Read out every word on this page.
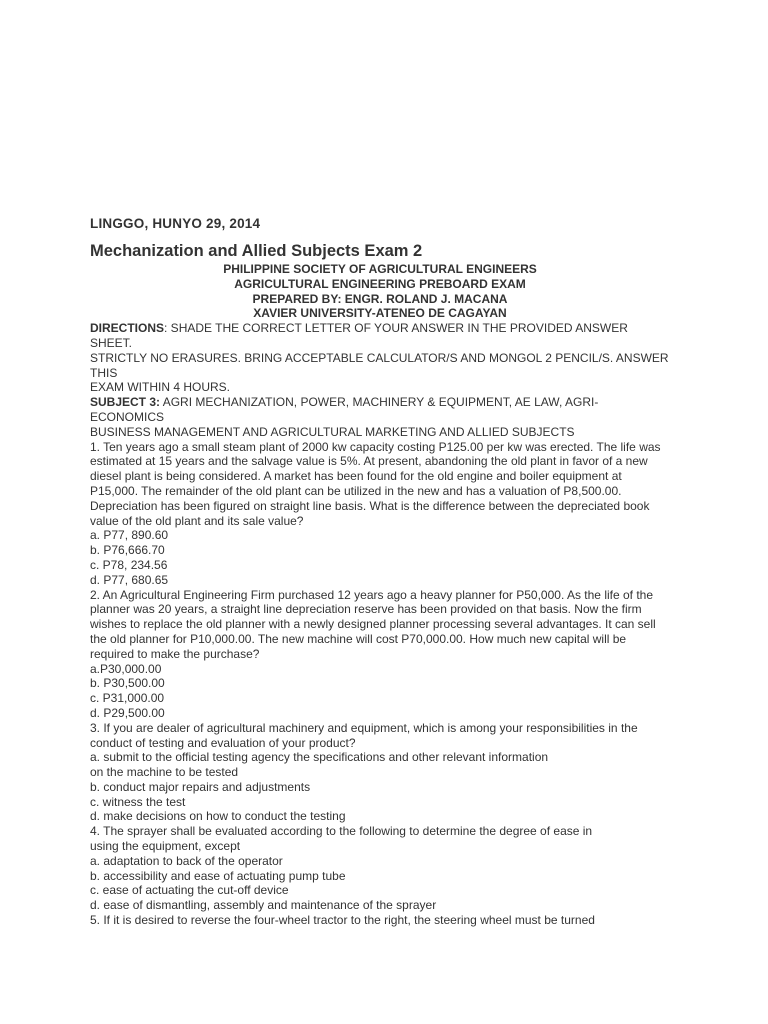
LINGGO, HUNYO 29, 2014
Mechanization and Allied Subjects Exam 2
PHILIPPINE SOCIETY OF AGRICULTURAL ENGINEERS
AGRICULTURAL ENGINEERING PREBOARD EXAM
PREPARED BY: ENGR. ROLAND J. MACANA
XAVIER UNIVERSITY-ATENEO DE CAGAYAN
DIRECTIONS: SHADE THE CORRECT LETTER OF YOUR ANSWER IN THE PROVIDED ANSWER SHEET.
STRICTLY NO ERASURES. BRING ACCEPTABLE CALCULATOR/S AND MONGOL 2 PENCIL/S. ANSWER THIS
EXAM WITHIN 4 HOURS.
SUBJECT 3: AGRI MECHANIZATION, POWER, MACHINERY & EQUIPMENT, AE LAW, AGRI-ECONOMICS
BUSINESS MANAGEMENT AND AGRICULTURAL MARKETING AND ALLIED SUBJECTS
1. Ten years ago a small steam plant of 2000 kw capacity costing P125.00 per kw was erected. The life was estimated at 15 years and the salvage value is 5%. At present, abandoning the old plant in favor of a new diesel plant is being considered. A market has been found for the old engine and boiler equipment at P15,000. The remainder of the old plant can be utilized in the new and has a valuation of P8,500.00. Depreciation has been figured on straight line basis. What is the difference between the depreciated book value of the old plant and its sale value?
a. P77, 890.60
b. P76,666.70
c. P78, 234.56
d. P77, 680.65
2. An Agricultural Engineering Firm purchased 12 years ago a heavy planner for P50,000. As the life of the planner was 20 years, a straight line depreciation reserve has been provided on that basis. Now the firm wishes to replace the old planner with a newly designed planner processing several advantages. It can sell the old planner for P10,000.00. The new machine will cost P70,000.00. How much new capital will be required to make the purchase?
a.P30,000.00
b. P30,500.00
c. P31,000.00
d. P29,500.00
3. If you are dealer of agricultural machinery and equipment, which is among your responsibilities in the conduct of testing and evaluation of your product?
a. submit to the official testing agency the specifications and other relevant information
on the machine to be tested
b. conduct major repairs and adjustments
c. witness the test
d. make decisions on how to conduct the testing
4. The sprayer shall be evaluated according to the following to determine the degree of ease in
using the equipment, except
a. adaptation to back of the operator
b. accessibility and ease of actuating pump tube
c. ease of actuating the cut-off device
d. ease of dismantling, assembly and maintenance of the sprayer
5. If it is desired to reverse the four-wheel tractor to the right, the steering wheel must be turned
